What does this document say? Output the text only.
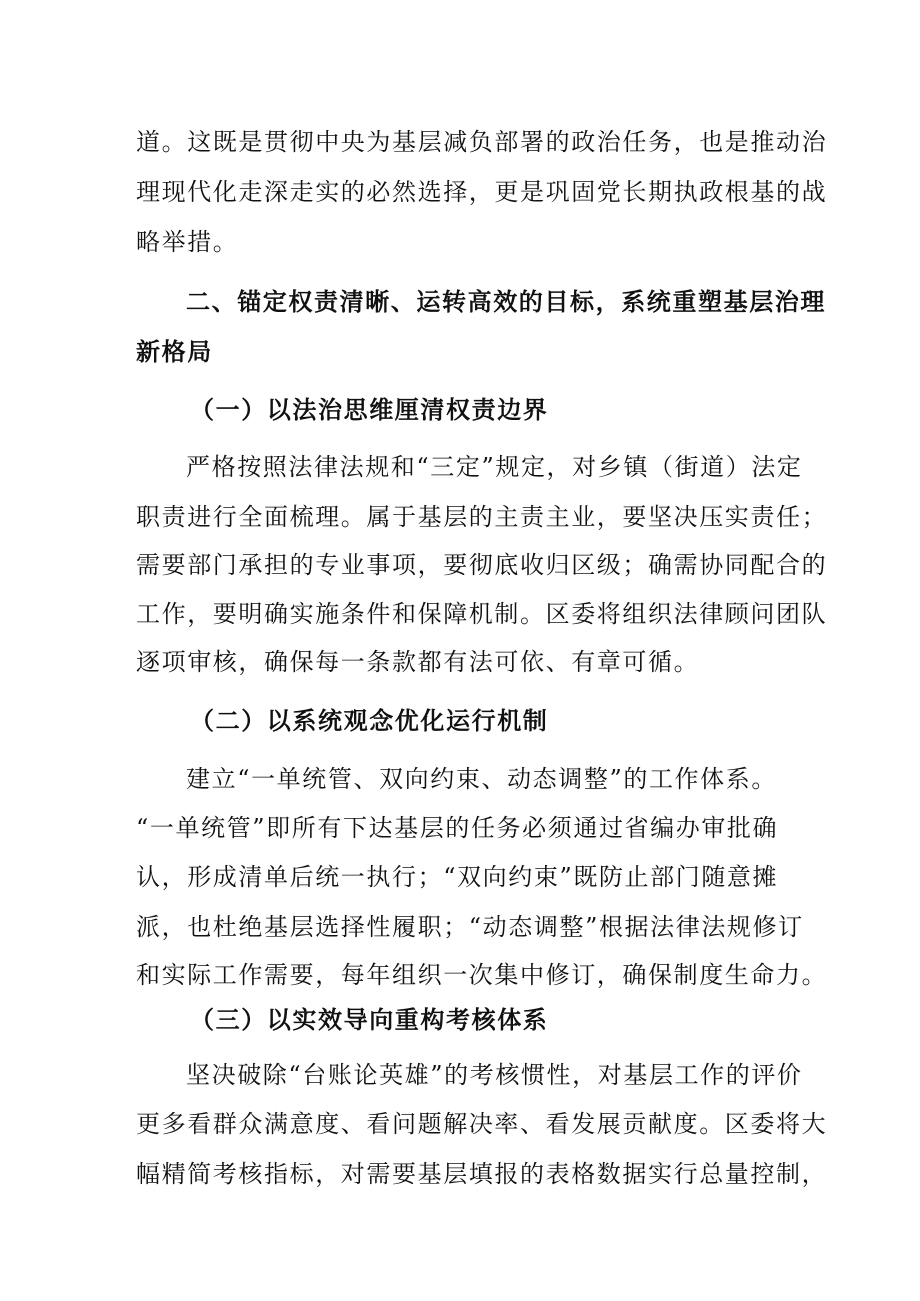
道。这既是贯彻中央为基层减负部署的政治任务，也是推动治
理现代化走深走实的必然选择，更是巩固党长期执政根基的战
略举措。
二、锚定权责清晰、运转高效的目标，系统重塑基层治理
新格局
（一）以法治思维厘清权责边界
严格按照法律法规和“三定”规定，对乡镇（街道）法定
职责进行全面梳理。属于基层的主责主业，要坚决压实责任；
需要部门承担的专业事项，要彻底收归区级；确需协同配合的
工作，要明确实施条件和保障机制。区委将组织法律顾问团队
逐项审核，确保每一条款都有法可依、有章可循。
（二）以系统观念优化运行机制
建立“一单统管、双向约束、动态调整”的工作体系。
“一单统管”即所有下达基层的任务必须通过省编办审批确
认，形成清单后统一执行；“双向约束”既防止部门随意摊
派，也杜绝基层选择性履职；“动态调整”根据法律法规修订
和实际工作需要，每年组织一次集中修订，确保制度生命力。
（三）以实效导向重构考核体系
坚决破除“台账论英雄”的考核惯性，对基层工作的评价
更多看群众满意度、看问题解决率、看发展贡献度。区委将大
幅精简考核指标，对需要基层填报的表格数据实行总量控制，
